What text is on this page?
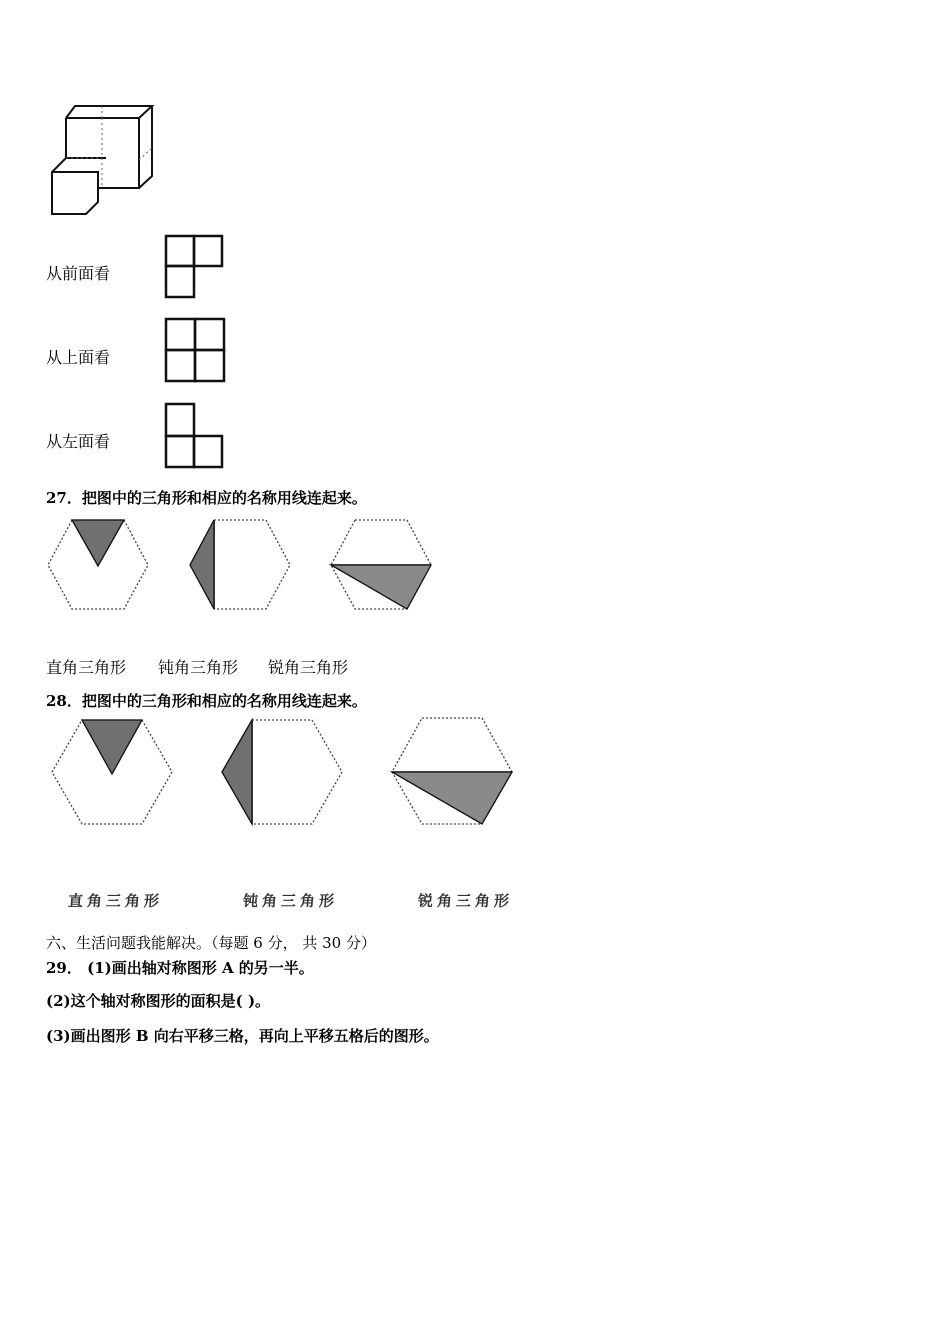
从前面看
从上面看
从左面看
27．把图中的三角形和相应的名称用线连起来。
直角三角形 钝角三角形 锐角三角形
28．把图中的三角形和相应的名称用线连起来。
直角三角形	钝角三角形	锐角三角形
六、生活问题我能解决。（每题 6 分， 共 30 分）
29． (1)画出轴对称图形 A 的另一半。
(2)这个轴对称图形的面积是( )。
(3)画出图形 B 向右平移三格，再向上平移五格后的图形。
